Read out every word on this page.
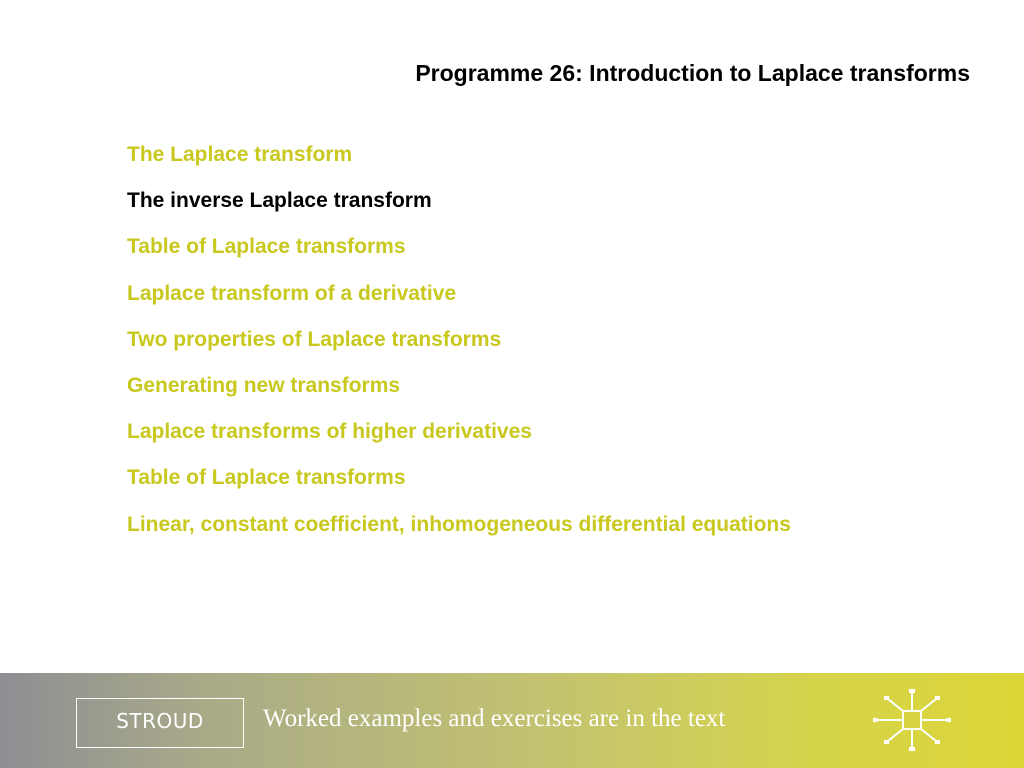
Programme 26: Introduction to Laplace transforms
The Laplace transform
The inverse Laplace transform
Table of Laplace transforms
Laplace transform of a derivative
Two properties of Laplace transforms
Generating new transforms
Laplace transforms of higher derivatives
Table of Laplace transforms
Linear, constant coefficient, inhomogeneous differential equations
STROUD	Worked examples and exercises are in the text
